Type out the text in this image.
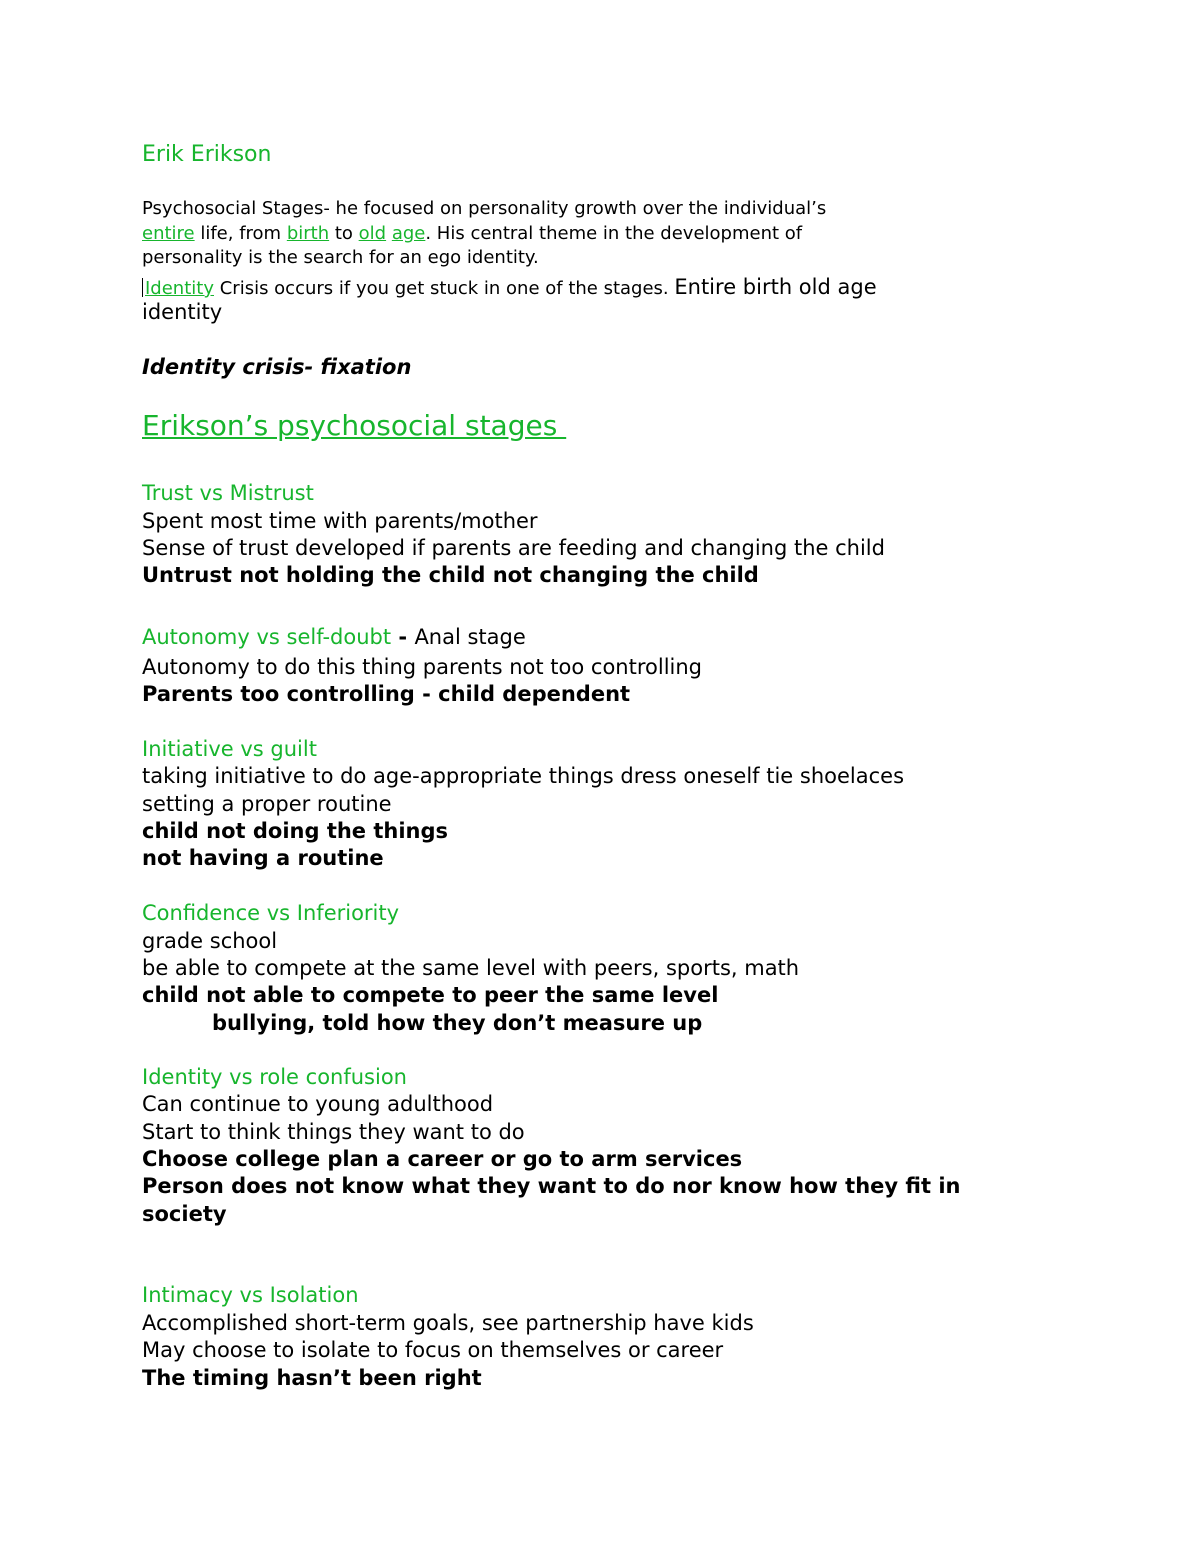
Erik Erikson
Psychosocial Stages- he focused on personality growth over the individual’s
entire life, from birth to old age. His central theme in the development of
personality is the search for an ego identity.
Identity Crisis occurs if you get stuck in one of the stages. Entire birth old age
identity
Identity crisis- fixation
Erikson’s psychosocial stages
Trust vs Mistrust
Spent most time with parents/mother
Sense of trust developed if parents are feeding and changing the child
Untrust not holding the child not changing the child
Autonomy vs self-doubt - Anal stage
Autonomy to do this thing parents not too controlling
Parents too controlling - child dependent
Initiative vs guilt
taking initiative to do age-appropriate things dress oneself tie shoelaces
setting a proper routine
child not doing the things
not having a routine
Confidence vs Inferiority
grade school
be able to compete at the same level with peers, sports, math
child not able to compete to peer the same level
bullying, told how they don’t measure up
Identity vs role confusion
Can continue to young adulthood
Start to think things they want to do
Choose college plan a career or go to arm services
Person does not know what they want to do nor know how they fit in
society
Intimacy vs Isolation
Accomplished short-term goals, see partnership have kids
May choose to isolate to focus on themselves or career
The timing hasn’t been right
